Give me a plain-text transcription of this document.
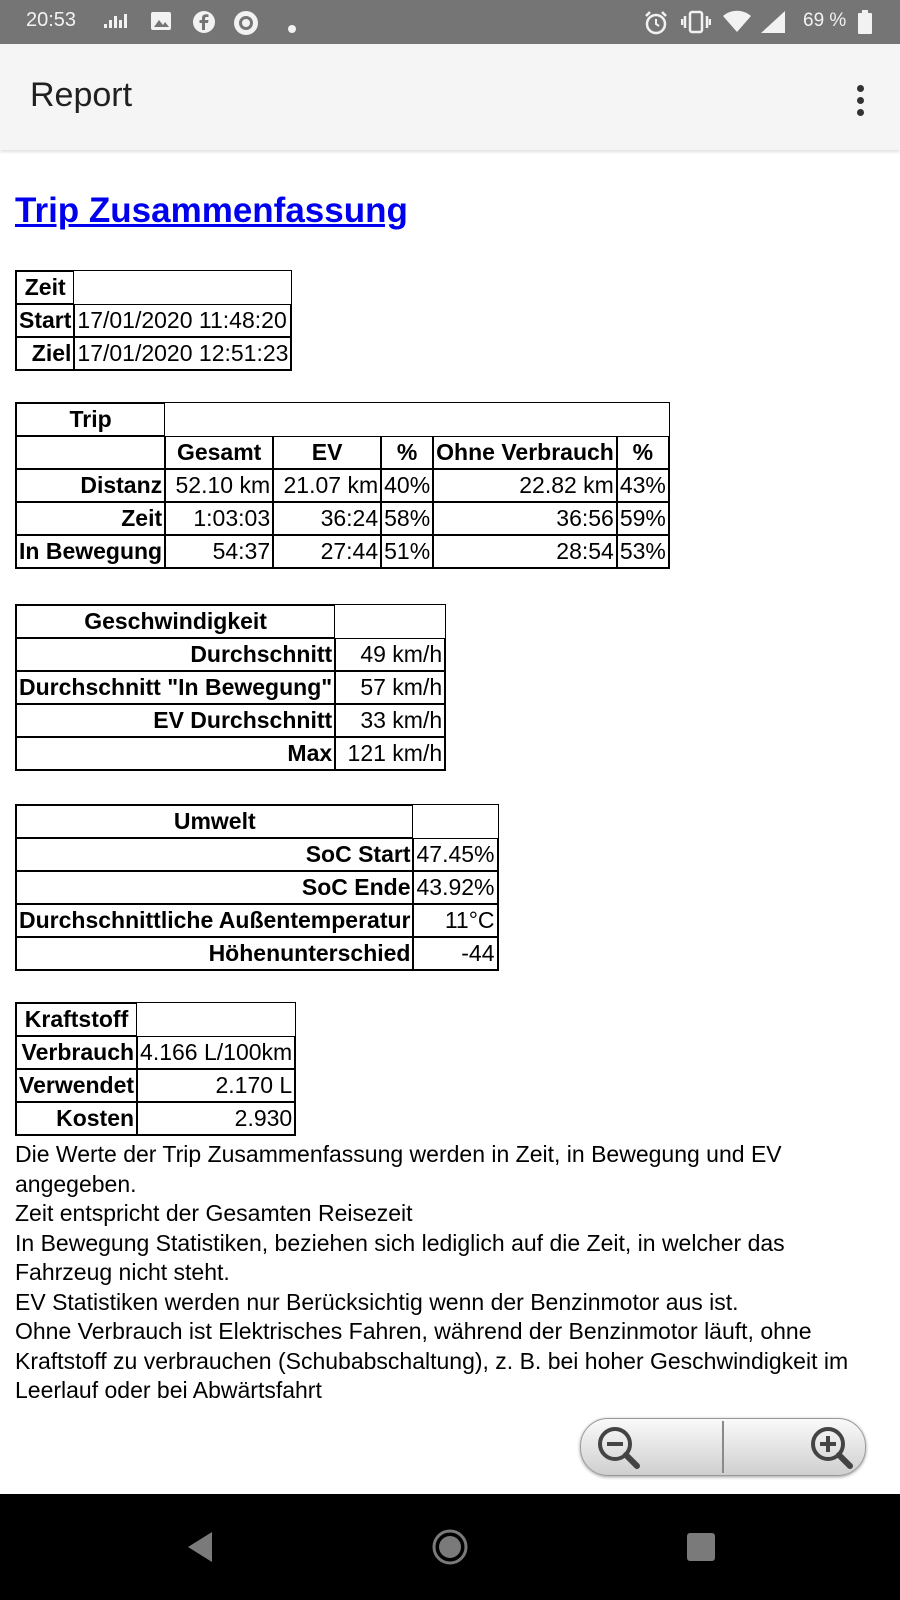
20:53	69 %
Report
Trip Zusammenfassung
Zeit	
Start	17/01/2020 11:48:20
Ziel	17/01/2020 12:51:23
Trip					
	Gesamt	EV	%	Ohne Verbrauch	%
Distanz	52.10 km	21.07 km	40%	22.82 km	43%
Zeit	1:03:03	36:24	58%	36:56	59%
In Bewegung	54:37	27:44	51%	28:54	53%
Geschwindigkeit	
Durchschnitt	49 km/h
Durchschnitt "In Bewegung"	57 km/h
EV Durchschnitt	33 km/h
Max	121 km/h
Umwelt	
SoC Start	47.45%
SoC Ende	43.92%
Durchschnittliche Außentemperatur	11°C
Höhenunterschied	-44
Kraftstoff	
Verbrauch	4.166 L/100km
Verwendet	2.170 L
Kosten	2.930
Die Werte der Trip Zusammenfassung werden in Zeit, in Bewegung und EV angegeben.
Zeit entspricht der Gesamten Reisezeit
In Bewegung Statistiken, beziehen sich lediglich auf die Zeit, in welcher das Fahrzeug nicht steht.
EV Statistiken werden nur Berücksichtig wenn der Benzinmotor aus ist.
Ohne Verbrauch ist Elektrisches Fahren, während der Benzinmotor läuft, ohne Kraftstoff zu verbrauchen (Schubabschaltung), z. B. bei hoher Geschwindigkeit im Leerlauf oder bei Abwärtsfahrt
